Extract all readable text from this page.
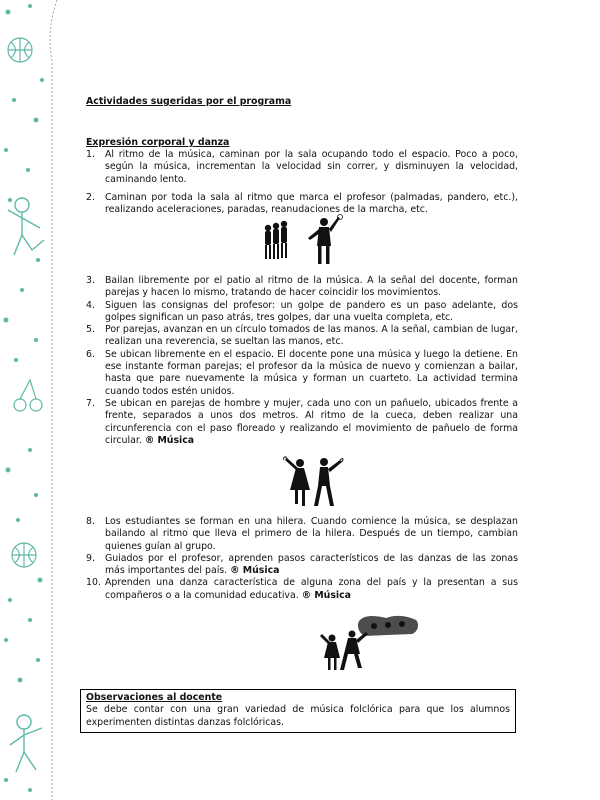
Actividades sugeridas por el programa
Expresión corporal y danza
1. Al ritmo de la música, caminan por la sala ocupando todo el espacio. Poco a poco, según la música, incrementan la velocidad sin correr, y disminuyen la velocidad, caminando lento.
2. Caminan por toda la sala al ritmo que marca el profesor (palmadas, pandero, etc.), realizando aceleraciones, paradas, reanudaciones de la marcha, etc.
3. Bailan libremente por el patio al ritmo de la música. A la señal del docente, forman parejas y hacen lo mismo, tratando de hacer coincidir los movimientos.
4. Siguen las consignas del profesor: un golpe de pandero es un paso adelante, dos golpes significan un paso atrás, tres golpes, dar una vuelta completa, etc.
5. Por parejas, avanzan en un círculo tomados de las manos. A la señal, cambian de lugar, realizan una reverencia, se sueltan las manos, etc.
6. Se ubican libremente en el espacio. El docente pone una música y luego la detiene. En ese instante forman parejas; el profesor da la música de nuevo y comienzan a bailar, hasta que pare nuevamente la música y forman un cuarteto. La actividad termina cuando todos estén unidos.
7. Se ubican en parejas de hombre y mujer, cada uno con un pañuelo, ubicados frente a frente, separados a unos dos metros. Al ritmo de la cueca, deben realizar una circunferencia con el paso floreado y realizando el movimiento de pañuelo de forma circular. ® Música
8. Los estudiantes se forman en una hilera. Cuando comience la música, se desplazan bailando al ritmo que lleva el primero de la hilera. Después de un tiempo, cambian quienes guían al grupo.
9. Guiados por el profesor, aprenden pasos característicos de las danzas de las zonas más importantes del país. ® Música
10. Aprenden una danza característica de alguna zona del país y la presentan a sus compañeros o a la comunidad educativa. ® Música
Observaciones al docente
Se debe contar con una gran variedad de música folclórica para que los alumnos experimenten distintas danzas folclóricas.
